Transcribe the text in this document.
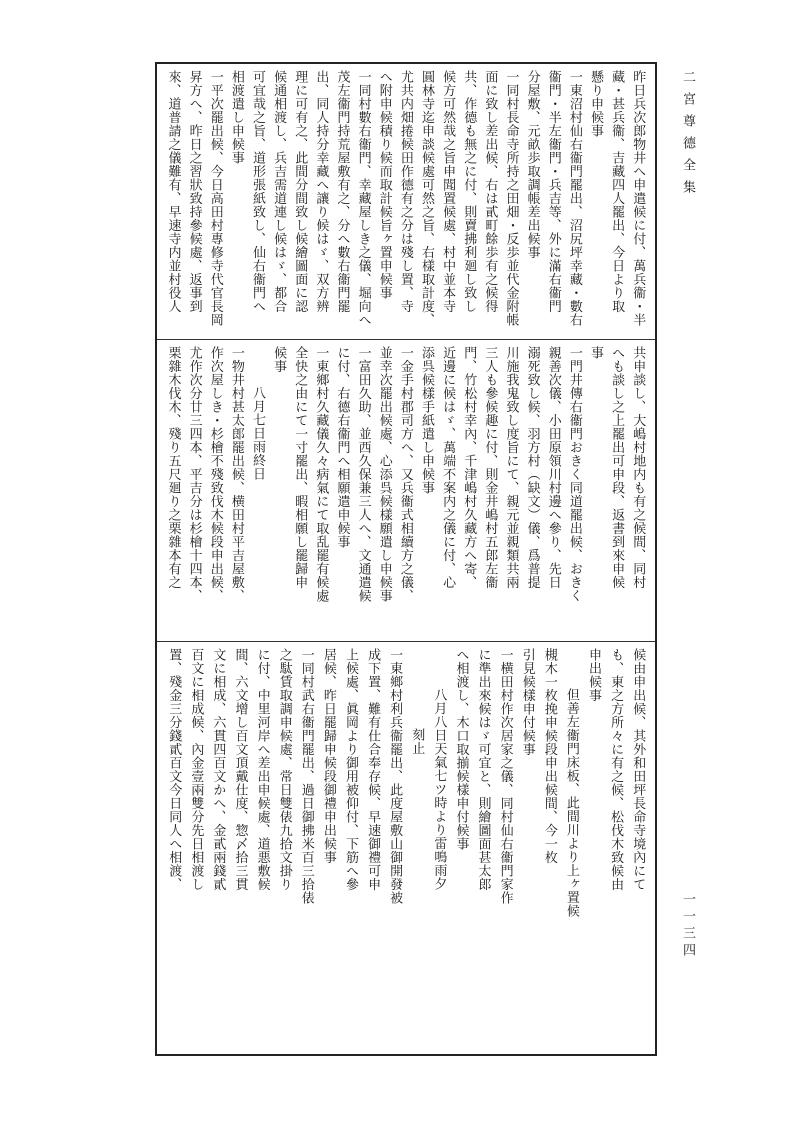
二宮尊德全集
一一三四
昨日兵次郎物井へ申遣候に付、萬兵衞・半
藏・甚兵衞、吉藏四人罷出、今日より取
懸り申候事
一東沼村仙右衞門罷出、沼尻坪幸藏・數右
衞門・半左衞門・兵吉等、外に滿右衞門
分屋敷、元畝歩取調帳差出候事
一同村長命寺所持之田畑・反歩並代金附帳
面に致し差出候、右は貳町餘歩有之候得
共、作德も無之に付、則賣拂利廻し致し
候方可然哉之旨申聞置候處、村中並本寺
圓林寺迄申談候處可然之旨、右樣取計度、
尤共内畑捲候田作德有之分は殘し置、寺
へ附申候積り候而取計候旨ヶ置申候事
一同村數右衞門、幸藏屋しき之儀、堀向へ
茂左衞門持荒屋敷有之、分へ數右衞門罷
出、同人持分幸藏へ讓り候はゞ、双方辨
理に可有之、此間分間致し候繪圖面に認
候通相渡し、兵吉需道連し候はゞ、都合
可宜哉之旨、道形張紙致し、仙右衞門へ
相渡遣し申候事
一平次罷出候、今日高田村專修寺代官長岡
昇方へ、昨日之習狀致持參候處、返事到
來、道普請之儀難有、早速寺内並村役人
共申談し、大嶋村地内も有之候間、同村
へも談し之上罷出可申段、返書到來申候
事
一門井傳右衞門おきく同道罷出候、おきく
親善次儀、小田原領川村邊へ參り、先日
溺死致し候、羽方村（缺文）儀、爲普提
川施我鬼致し度旨にて、親元並親類共兩
三人も參候趣に付、則金井嶋村五郎左衞
門、竹松村幸內、千津嶋村久藏方へ寄、
近邊に候はゞ、萬端不案内之儀に付、心
添呉候樣手紙遣し申候事
一金手村郡司方へ、又兵衞式相續方之儀、
並幸次罷出候處、心添呉候樣願遣し申候事
一富田久助、並西久保兼三人へ、文通遣候
に付、右德右衞門へ相願遣申候事
一東鄉村久藏儀久々病氣にて取乱罷有候處
全快之由にて一寸罷出、暇相願し罷歸申
候事
八月七日雨終日
一物井村甚太郎罷出候、横田村平吉屋敷、
作次屋しき・杉檜不殘致伐木候段申出候、
尤作次分廿三四本、平吉分は杉檜十四本、
栗雜木伐木、殘り五尺廻り之栗雜本有之
候由申出候、其外和田坪長命寺境內にて
も、東之方所々に有之候、松伐木致候由
申出候事
但善左衞門床板、此間川より上ヶ置候
槻木一枚挽申候段申出候間、今一枚
引見候樣申付候事
一横田村作次居家之儀、同村仙右衞門家作
に準出來候はゞ可宜と、則繪圖面甚太郎
へ相渡し、木口取揃候樣申付候事
八月八日天氣七ツ時より雷鳴雨夕
刻止
一東鄉村利兵衞罷出、此度屋敷山御開發被
成下置、難有仕合奉存候、早速御禮可申
上候處、眞岡より御用被仰付、下筋へ參
居候、昨日罷歸申候段御禮申出候事
一同村武右衞門罷出、過日御拂米百三拾俵
之駄賃取調申候處、常日雙俵九拾文掛り
に付、中里河岸へ差出申候處、道悪敷候
間、六文增し百文頂戴仕度、惣〆拾三貫
文に相成、六貫四百文かへ、金貳兩錢貳
百文に相成候、內金壹兩雙分先日相渡し
置、殘金三分錢貳百文今日同人へ相渡、
